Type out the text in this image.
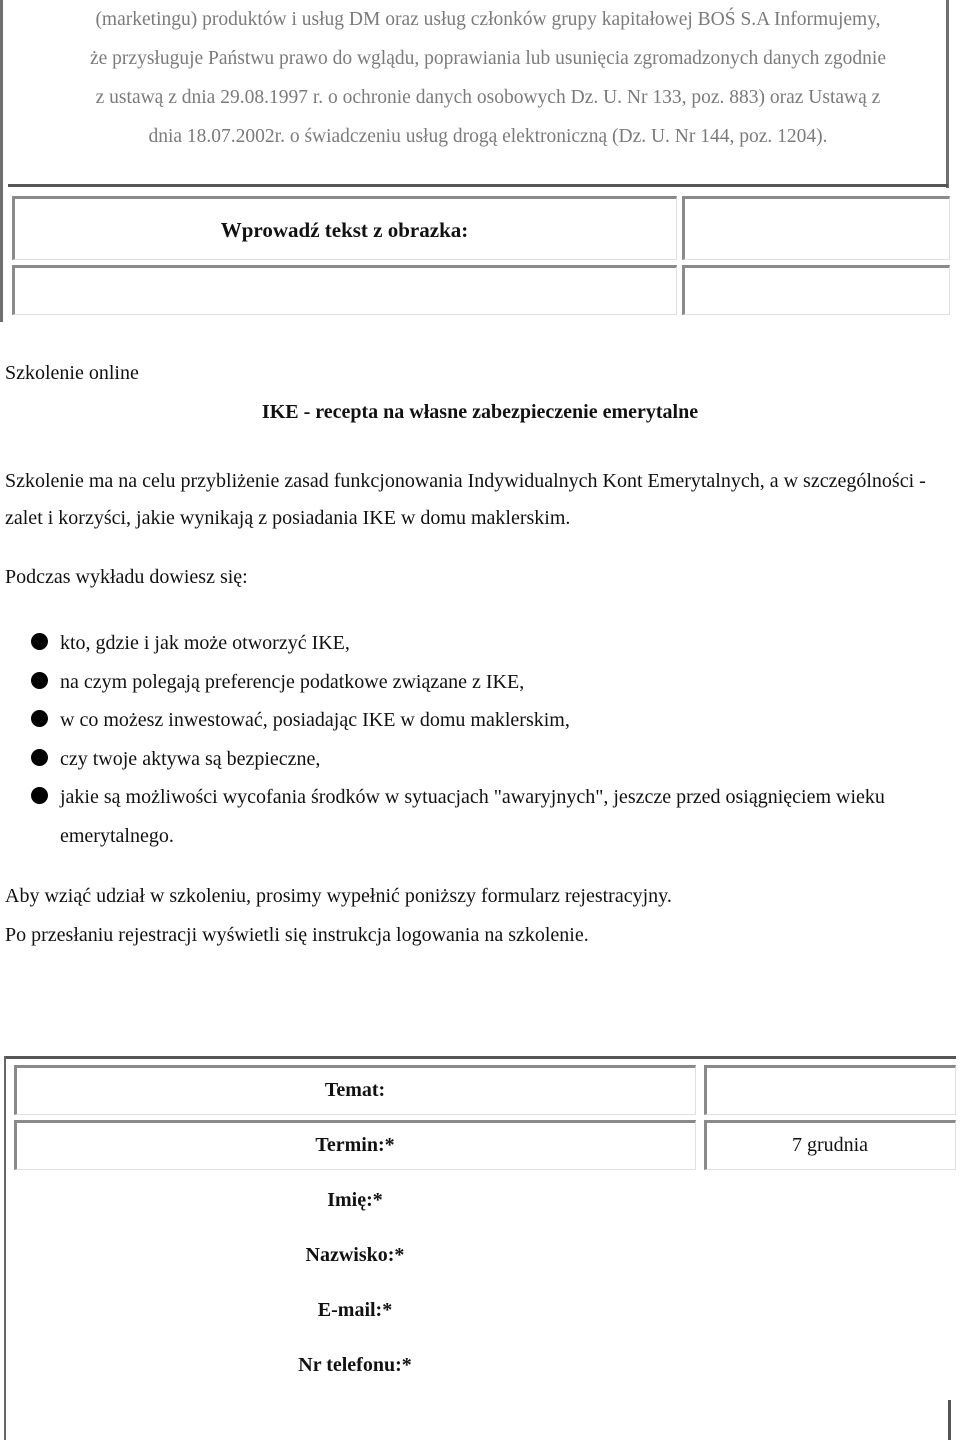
(marketingu) produktów i usług DM oraz usług członków grupy kapitałowej BOŚ S.A Informujemy,
że przysługuje Państwu prawo do wglądu, poprawiania lub usunięcia zgromadzonych danych zgodnie
z ustawą z dnia 29.08.1997 r. o ochronie danych osobowych Dz. U. Nr 133, poz. 883) oraz Ustawą z
dnia 18.07.2002r. o świadczeniu usług drogą elektroniczną (Dz. U. Nr 144, poz. 1204).
Wprowadź tekst z obrazka:
Szkolenie online
IKE - recepta na własne zabezpieczenie emerytalne
Szkolenie ma na celu przybliżenie zasad funkcjonowania Indywidualnych Kont Emerytalnych, a w szczególności - zalet i korzyści, jakie wynikają z posiadania IKE w domu maklerskim.
Podczas wykładu dowiesz się:
kto, gdzie i jak może otworzyć IKE,
na czym polegają preferencje podatkowe związane z IKE,
w co możesz inwestować, posiadając IKE w domu maklerskim,
czy twoje aktywa są bezpieczne,
jakie są możliwości wycofania środków w sytuacjach "awaryjnych", jeszcze przed osiągnięciem wieku emerytalnego.
Aby wziąć udział w szkoleniu, prosimy wypełnić poniższy formularz rejestracyjny.
Po przesłaniu rejestracji wyświetli się instrukcja logowania na szkolenie.
Temat:
Termin:*	7 grudnia
Imię:*
Nazwisko:*
E-mail:*
Nr telefonu:*
